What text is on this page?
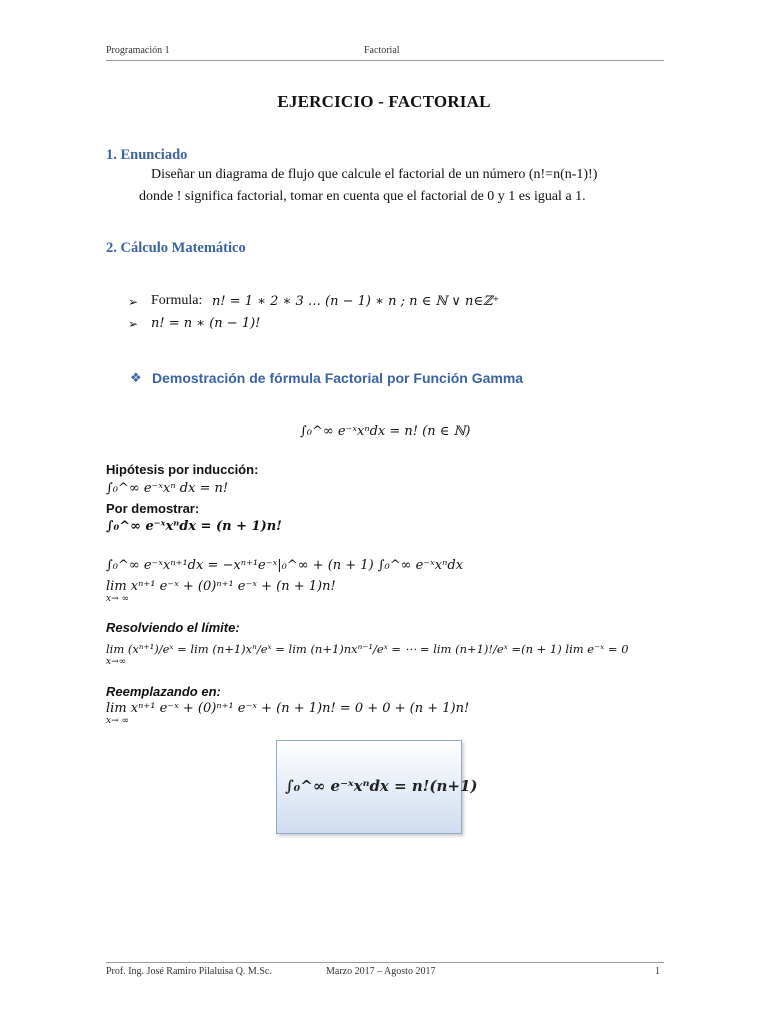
Programación 1	Factorial
EJERCICIO - FACTORIAL
1. Enunciado
Diseñar un diagrama de flujo que calcule el factorial de un número (n!=n(n-1)!)
donde ! significa factorial, tomar en cuenta que el factorial de 0 y 1 es igual a 1.
2. Cálculo Matemático
➢ Formula: n! = 1 ∗ 2 ∗ 3 … (n − 1) ∗ n ; n ∈ ℕ ∨ n∈ℤ⁺
➢ n! = n ∗ (n − 1)!
❖ Demostración de fórmula Factorial por Función Gamma
∫₀^∞ e⁻ˣxⁿdx = n! (n ∈ ℕ)
Hipótesis por inducción:
∫₀^∞ e⁻ˣxⁿ dx = n!
Por demostrar:
∫₀^∞ e⁻ˣxⁿdx = (n + 1)n!
∫₀^∞ e⁻ˣxⁿ⁺¹dx = −xⁿ⁺¹e⁻ˣ|₀^∞ + (n + 1) ∫₀^∞ e⁻ˣxⁿdx
lim xⁿ⁺¹ e⁻ˣ + (0)ⁿ⁺¹ e⁻ˣ + (n + 1)n!
x→ ∞
Resolviendo el límite:
lim (xⁿ⁺¹)/eˣ = lim (n+1)xⁿ/eˣ = lim (n+1)nxⁿ⁻¹/eˣ = ⋯ = lim (n+1)!/eˣ =(n + 1) lim e⁻ˣ = 0
x→∞
Reemplazando en:
lim xⁿ⁺¹ e⁻ˣ + (0)ⁿ⁺¹ e⁻ˣ + (n + 1)n! = 0 + 0 + (n + 1)n!
x→ ∞
∫₀^∞ e⁻ˣxⁿdx = n!(n+1)
Prof. Ing. José Ramiro Pilaluisa Q. M.Sc.	Marzo 2017 – Agosto 2017	1
